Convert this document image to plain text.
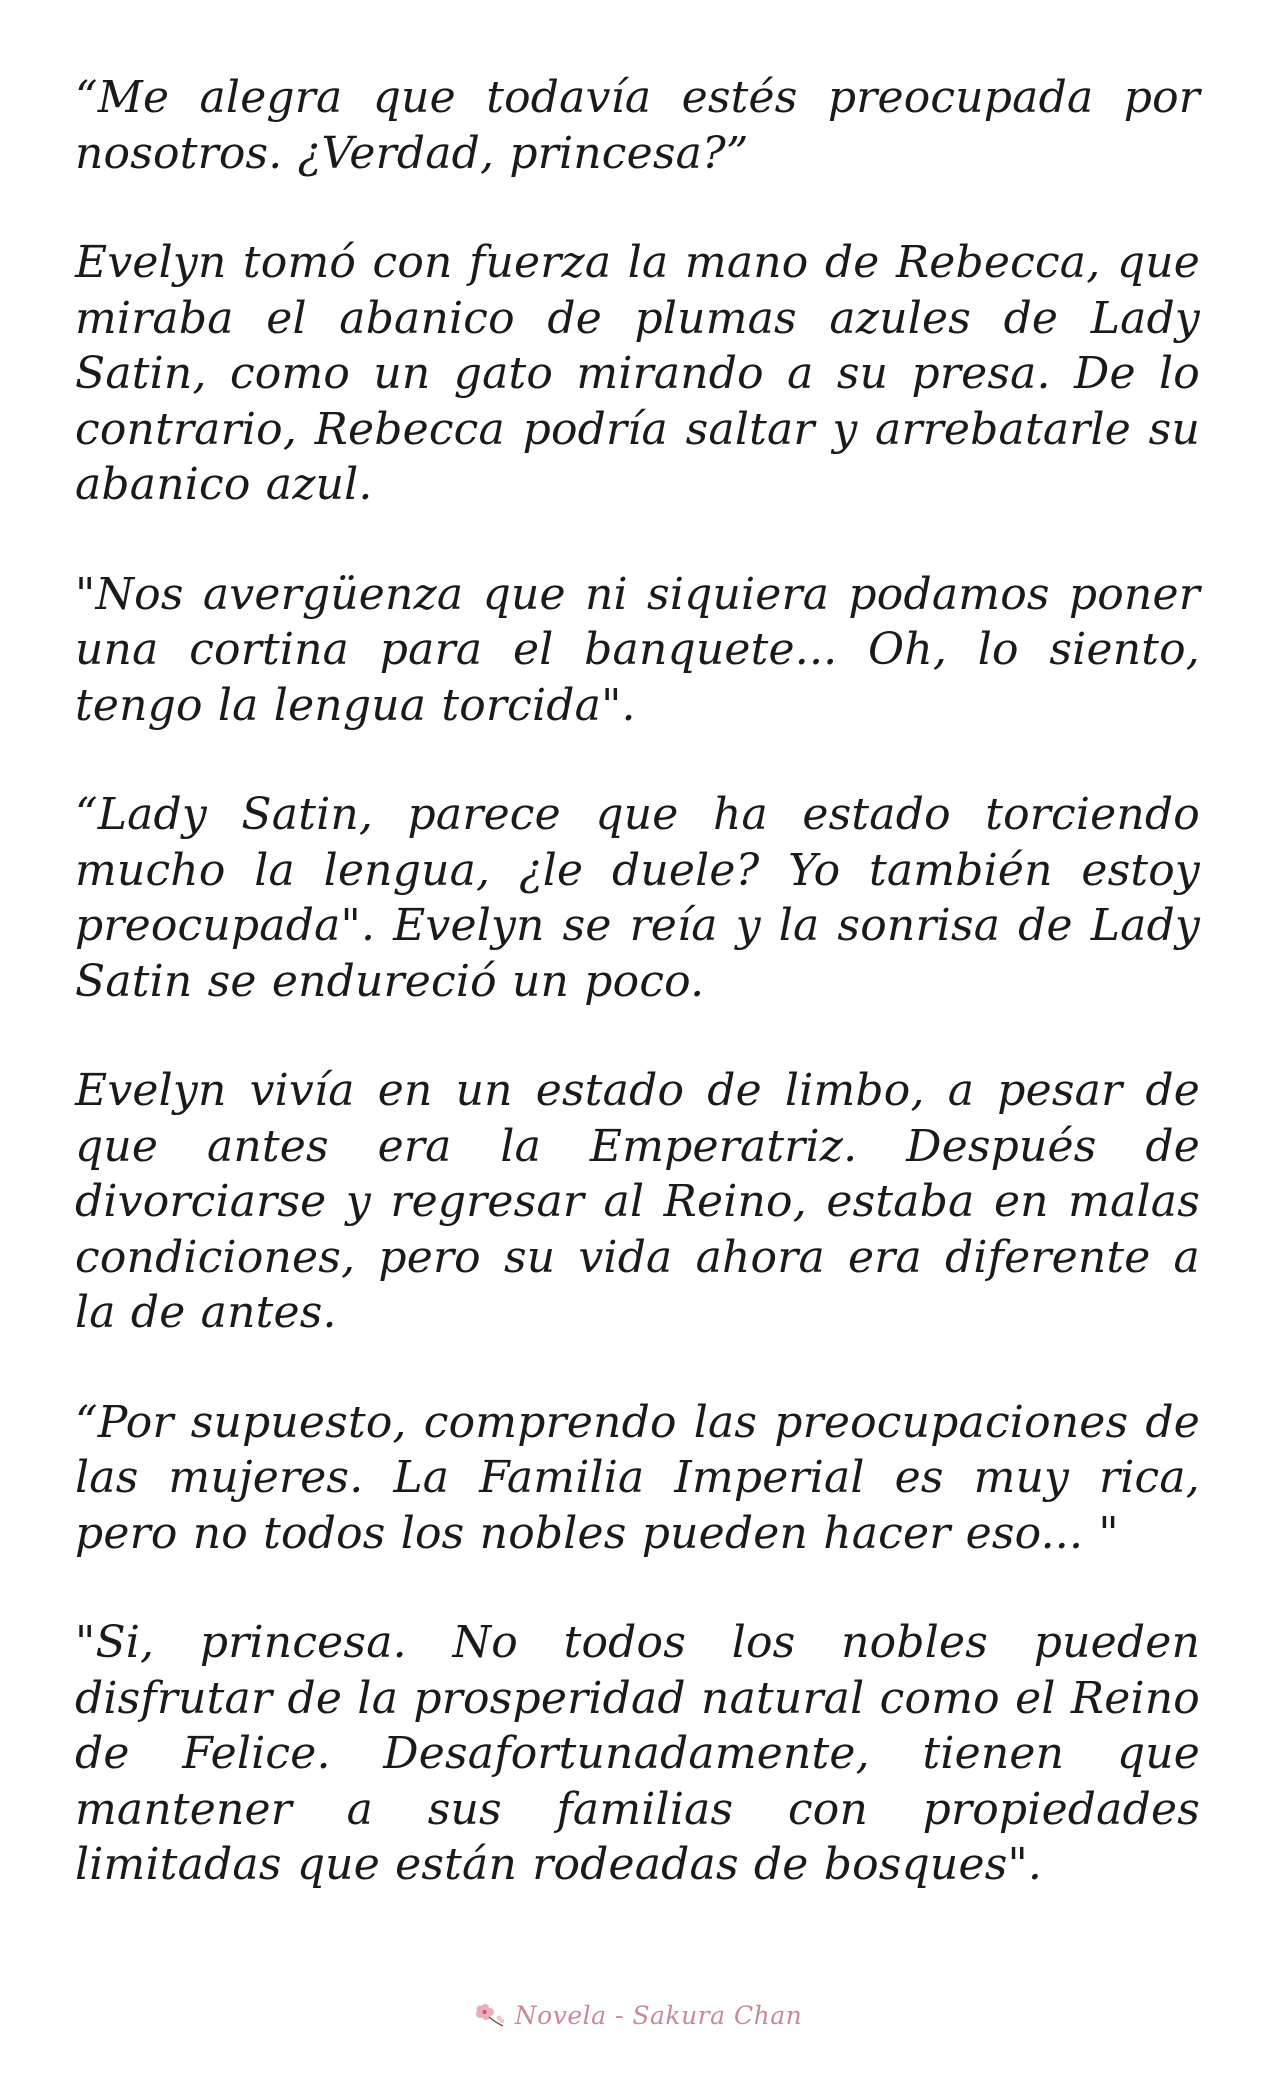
“Me alegra que todavía estés preocupada por nosotros. ¿Verdad, princesa?”

Evelyn tomó con fuerza la mano de Rebecca, que miraba el abanico de plumas azules de Lady Satin, como un gato mirando a su presa. De lo contrario, Rebecca podría saltar y arrebatarle su abanico azul.

"Nos avergüenza que ni siquiera podamos poner una cortina para el banquete... Oh, lo siento, tengo la lengua torcida".

“Lady Satin, parece que ha estado torciendo mucho la lengua, ¿le duele? Yo también estoy preocupada". Evelyn se reía y la sonrisa de Lady Satin se endureció un poco.

Evelyn vivía en un estado de limbo, a pesar de que antes era la Emperatriz. Después de divorciarse y regresar al Reino, estaba en malas condiciones, pero su vida ahora era diferente a la de antes.

“Por supuesto, comprendo las preocupaciones de las mujeres. La Familia Imperial es muy rica, pero no todos los nobles pueden hacer eso... "

"Si, princesa. No todos los nobles pueden disfrutar de la prosperidad natural como el Reino de Felice. Desafortunadamente, tienen que mantener a sus familias con propiedades limitadas que están rodeadas de bosques".

Novela - Sakura Chan
